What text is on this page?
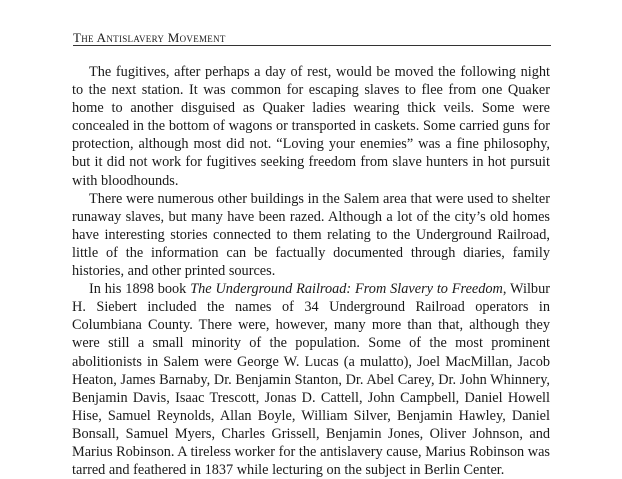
The Antislavery Movement

The fugitives, after perhaps a day of rest, would be moved the following night to the next station. It was common for escaping slaves to flee from one Quaker home to another disguised as Quaker ladies wearing thick veils. Some were concealed in the bottom of wagons or transported in caskets. Some carried guns for protection, although most did not. “Loving your enemies” was a fine philosophy, but it did not work for fugitives seeking freedom from slave hunters in hot pursuit with bloodhounds.

There were numerous other buildings in the Salem area that were used to shelter runaway slaves, but many have been razed. Although a lot of the city’s old homes have interesting stories connected to them relating to the Underground Railroad, little of the information can be factually documented through diaries, family histories, and other printed sources.

In his 1898 book The Underground Railroad: From Slavery to Freedom, Wilbur H. Siebert included the names of 34 Underground Railroad operators in Columbiana County. There were, however, many more than that, although they were still a small minority of the population. Some of the most prominent abolitionists in Salem were George W. Lucas (a mulatto), Joel MacMillan, Jacob Heaton, James Barnaby, Dr. Benjamin Stanton, Dr. Abel Carey, Dr. John Whinnery, Benjamin Davis, Isaac Trescott, Jonas D. Cattell, John Campbell, Daniel Howell Hise, Samuel Reynolds, Allan Boyle, William Silver, Benjamin Hawley, Daniel Bonsall, Samuel Myers, Charles Grissell, Benjamin Jones, Oliver Johnson, and Marius Robinson. A tireless worker for the antislavery cause, Marius Robinson was tarred and feathered in 1837 while lecturing on the subject in Berlin Center.
